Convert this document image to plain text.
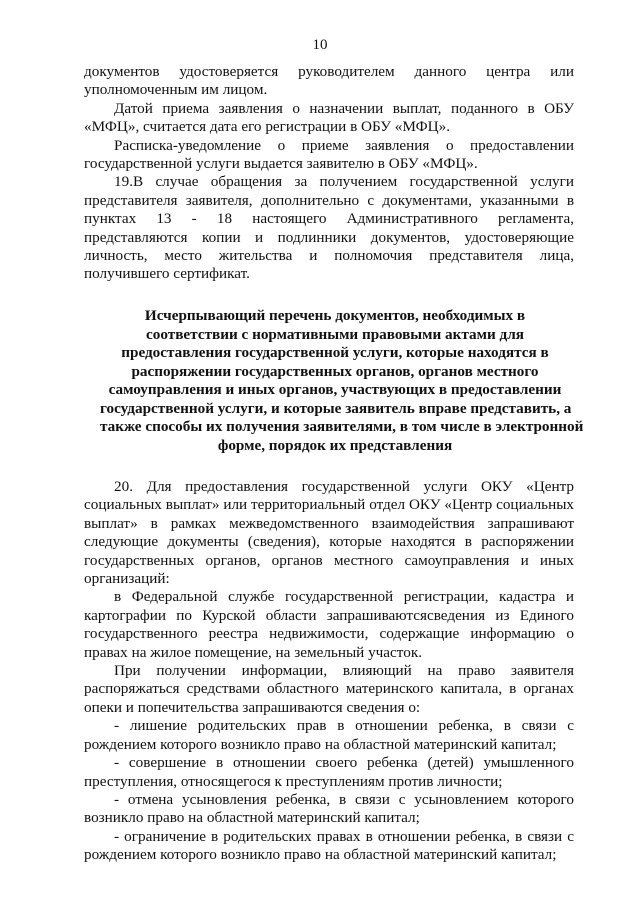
10
документов удостоверяется руководителем данного центра или
уполномоченным им лицом.
Датой приема заявления о назначении выплат, поданного в ОБУ
«МФЦ», считается дата его регистрации в ОБУ «МФЦ».
Расписка-уведомление о приеме заявления о предоставлении
государственной услуги выдается заявителю в ОБУ «МФЦ».
19.В случае обращения за получением государственной услуги
представителя заявителя, дополнительно с документами, указанными в
пунктах 13 - 18 настоящего Административного регламента,
представляются копии и подлинники документов, удостоверяющие
личность, место жительства и полномочия представителя лица,
получившего сертификат.
Исчерпывающий перечень документов, необходимых в
соответствии с нормативными правовыми актами для
предоставления государственной услуги, которые находятся в
распоряжении государственных органов, органов местного
самоуправления и иных органов, участвующих в предоставлении
государственной услуги, и которые заявитель вправе представить, а
также способы их получения заявителями, в том числе в электронной
форме, порядок их представления
20. Для предоставления государственной услуги ОКУ «Центр
социальных выплат» или территориальный отдел ОКУ «Центр социальных
выплат» в рамках межведомственного взаимодействия запрашивают
следующие документы (сведения), которые находятся в распоряжении
государственных органов, органов местного самоуправления и иных
организаций:
в Федеральной службе государственной регистрации, кадастра и
картографии по Курской области запрашиваютсясведения из Единого
государственного реестра недвижимости, содержащие информацию о
правах на жилое помещение, на земельный участок.
При получении информации, влияющий на право заявителя
распоряжаться средствами областного материнского капитала, в органах
опеки и попечительства запрашиваются сведения о:
- лишение родительских прав в отношении ребенка, в связи с
рождением которого возникло право на областной материнский капитал;
- совершение в отношении своего ребенка (детей) умышленного
преступления, относящегося к преступлениям против личности;
- отмена усыновления ребенка, в связи с усыновлением которого
возникло право на областной материнский капитал;
- ограничение в родительских правах в отношении ребенка, в связи с
рождением которого возникло право на областной материнский капитал;
